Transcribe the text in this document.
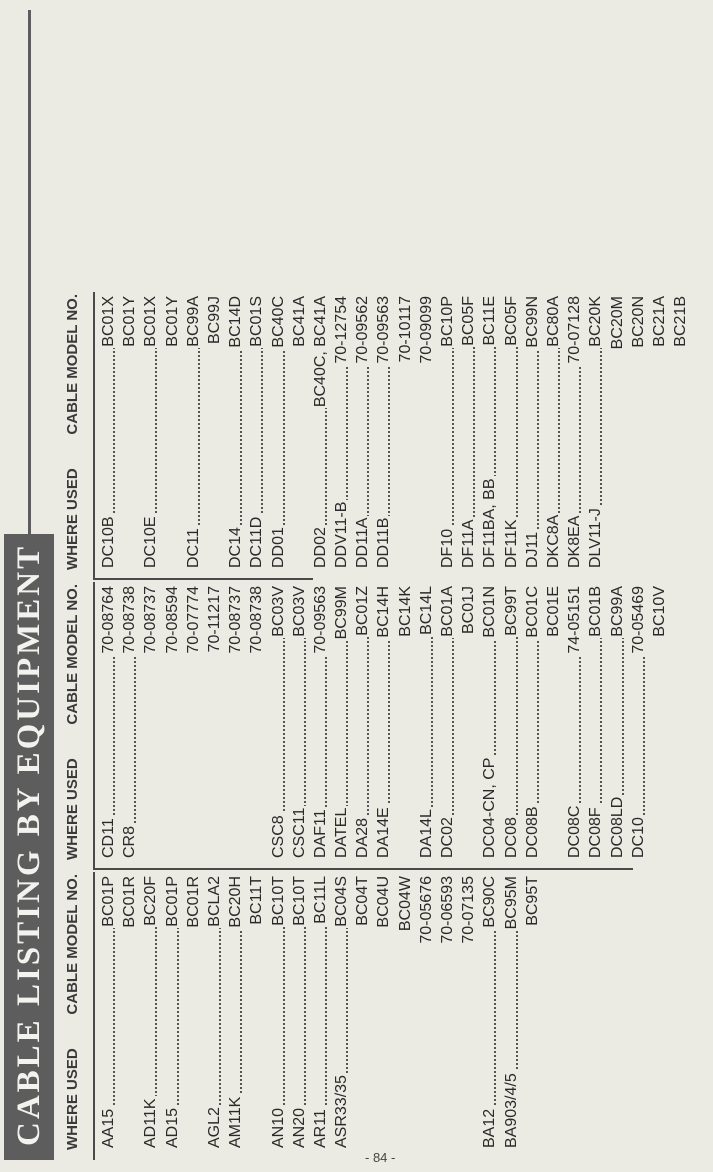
CABLE LISTING BY EQUIPMENT	WHERE USED
CABLE MODEL NO.
AA15
BC01P BC01R
AD11K
BC20F
AD15
BC01P BC01R
AGL2
BCLA2
AM11K
BC20H BC11T
AN10
BC10T
AN20
BC10T
AR11
BC11L
ASR33/35
BC04S BC04T BC04U BC04W 70-05676 70-06593 70-07135
BA12
BC90C
BA903/4/5
BC95M BC95T
WHERE USED
CABLE MODEL NO.
CD11
70-08764
CR8
70-08738 70-08737 70-08594 70-07774 70-11217 70-08737 70-08738
CSC8
BC03V
CSC11
BC03V
DAF11
70-09563
DATEL
BC99M
DA28
BC01Z
DA14E
BC14H BC14K
DA14L
BC14L
DC02
BC01A BC01J
DC04-CN, CP
BC01N
DC08
BC99T
DC08B
BC01C BC01E
DC08C
74-05151
DC08F
BC01B
DC08LD
BC99A
DC10
70-05469 BC10V
WHERE USED
CABLE MODEL NO.
DC10B
BC01X BC01Y
DC10E
BC01X BC01Y
DC11
BC99A BC99J
DC14
BC14D
DC11D
BC01S
DD01
BC40C BC41A
DD02
BC40C, BC41A
DDV11-B
70-12754
DD11A
70-09562
DD11B
70-09563 70-10117 70-09099
DF10
BC10P
DF11A
BC05F
DF11BA, BB
BC11E
DF11K
BC05F
DJ11
BC99N
DKC8A
BC80A
DK8EA
70-07128
DLV11-J
BC20K BC20M BC20N BC21A BC21B
- 84 -
